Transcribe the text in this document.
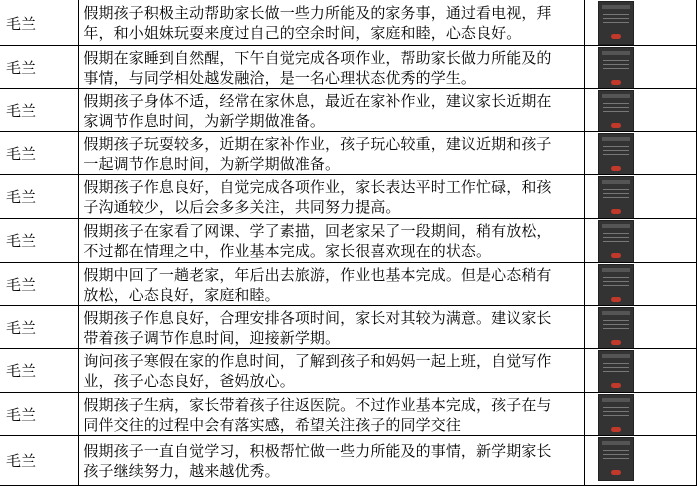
毛兰	假期孩子积极主动帮助家长做一些力所能及的家务事，通过看电视，拜
年，和小姐妹玩耍来度过自己的空余时间，家庭和睦，心态良好。	

毛兰	假期在家睡到自然醒，下午自觉完成各项作业，帮助家长做力所能及的
事情，与同学相处越发融洽，是一名心理状态优秀的学生。	

毛兰	假期孩子身体不适，经常在家休息，最近在家补作业，建议家长近期在
家调节作息时间，为新学期做准备。	

毛兰	假期孩子玩耍较多，近期在家补作业，孩子玩心较重，建议近期和孩子
一起调节作息时间，为新学期做准备。	

毛兰	假期孩子作息良好，自觉完成各项作业，家长表达平时工作忙碌，和孩
子沟通较少，以后会多多关注，共同努力提高。	

毛兰	假期孩子在家看了网课、学了素描，回老家呆了一段期间，稍有放松，
不过都在情理之中，作业基本完成。家长很喜欢现在的状态。	

毛兰	假期中回了一趟老家，年后出去旅游，作业也基本完成。但是心态稍有
放松，心态良好，家庭和睦。	

毛兰	假期孩子作息良好，合理安排各项时间，家长对其较为满意。建议家长
带着孩子调节作息时间，迎接新学期。	

毛兰	询问孩子寒假在家的作息时间，了解到孩子和妈妈一起上班，自觉写作
业，孩子心态良好，爸妈放心。	

毛兰	假期孩子生病，家长带着孩子往返医院。不过作业基本完成，孩子在与
同伴交往的过程中会有落实感，希望关注孩子的同学交往	

毛兰	假期孩子一直自觉学习，积极帮忙做一些力所能及的事情，新学期家长
孩子继续努力，越来越优秀。	
